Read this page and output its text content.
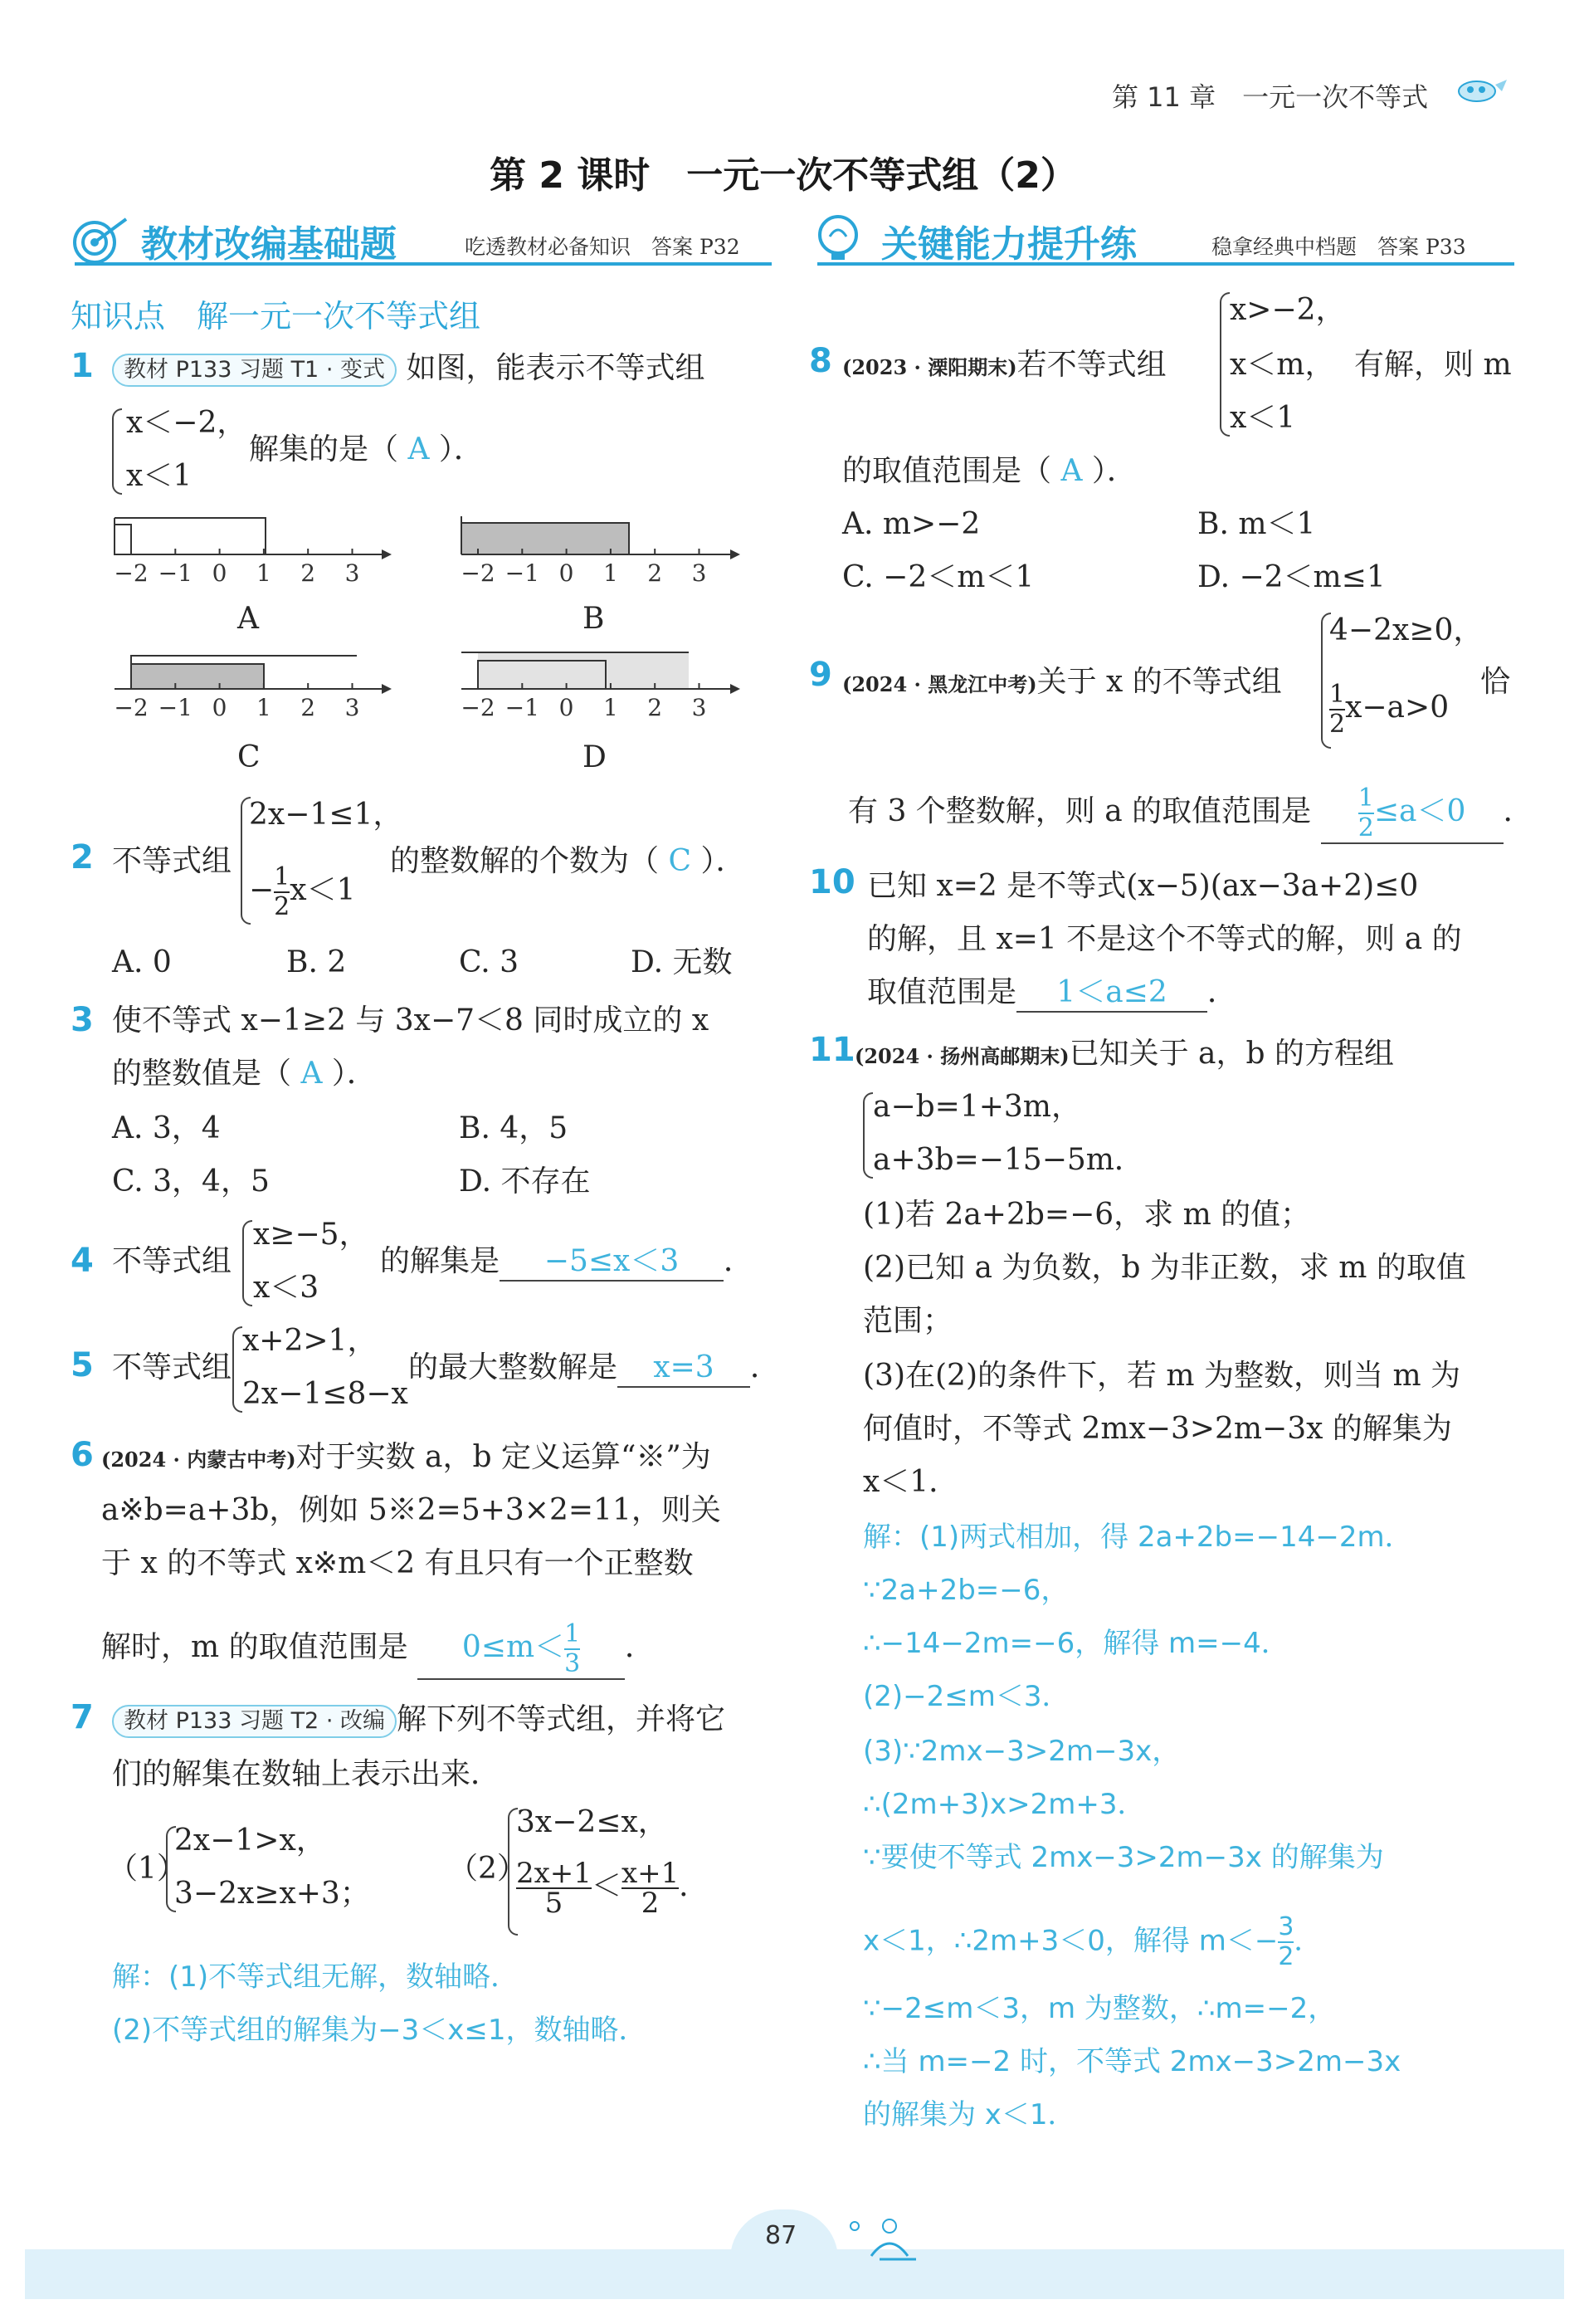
第 11 章　一元一次不等式
第 2 课时　一元一次不等式组（2）
教材改编基础题	吃透教材必备知识　 答案 P32	关键能力提升练	稳拿经典中档题　 答案 P33
知识点　解一元一次不等式组
1	教材 P133 习题 T1 · 变式 如图，能表示不等式组
x＜−2，
x＜1
解集的是（ A ）．
−2 −1 0 1 2 3	−2 −1 0 1 2 3
−2 −1 0 1 2 3	−2 −1 0 1 2 3
A	B
C	D
2 不等式组
2x−1≤1，
− $\frac{1}{2} x<1$
的整数解的个数为（ C ）．
A. 0	B. 2	C. 3	D. 无数
3 使不等式 x−1≥2 与 3x−7＜8 同时成立的 x
的整数值是（ A ）．
A. 3，4	B. 4，5
C. 3，4，5	D. 不存在
4 不等式组
x≥−5，
x＜3
的解集是 −5≤x＜3 ．
5 不等式组
x+2>1，
2x−1≤8−x
的最大整数解是 x=3 ．
6 (2024 · 内蒙古中考)对于实数 a，b 定义运算“※”为
a※b=a+3b，例如 5※2=5+3×2=11，则关
于 x 的不等式 x※m＜2 有且只有一个正整数
解时，m 的取值范围是 $0\le m< \frac{1}{3}$ ．
7	教材 P133 习题 T2 · 改编 解下列不等式组，并将它
们的解集在数轴上表示出来．
（1）
2x−1>x，
3−2x≥x+3；
（2）
3x−2≤x，
$\frac{2x+1}{5} < \frac{x+1}{2}$ ．
解：(1)不等式组无解，数轴略．
(2)不等式组的解集为−3＜x≤1，数轴略．
8 (2023 · 溧阳期末)若不等式组
x>−2，
x＜m，
x＜1
有解，则 m
的取值范围是（ A ）．
A. m>−2	B. m＜1
C. −2＜m＜1	D. −2＜m≤1
9 (2024 · 黑龙江中考)关于 x 的不等式组
4−2x≥0，
$\frac{1}{2} x-a>0$
恰
有 3 个整数解，则 a 的取值范围是 $\frac{1}{2} \le a<0$ ．
10 已知 x=2 是不等式(x−5)(ax−3a+2)≤0
的解，且 x=1 不是这个不等式的解，则 a 的
取值范围是 1＜a≤2 ．
11 (2024 · 扬州高邮期末)已知关于 a，b 的方程组
a−b=1+3m，
a+3b=−15−5m．
(1)若 2a+2b=−6，求 m 的值；
(2)已知 a 为负数，b 为非正数，求 m 的取值
范围；
(3)在(2)的条件下，若 m 为整数，则当 m 为
何值时，不等式 2mx−3>2m−3x 的解集为
x＜1．
解：(1)两式相加，得 2a+2b=−14−2m．
∵2a+2b=−6，
∴−14−2m=−6，解得 m=−4．
(2)−2≤m＜3．
(3)∵2mx−3>2m−3x，
∴(2m+3)x>2m+3．
∵要使不等式 2mx−3>2m−3x 的解集为
x＜1，∴2m+3＜0，解得 $m<- \frac{3}{2}$ ．
∵−2≤m＜3，m 为整数，∴m=−2，
∴当 m=−2 时，不等式 2mx−3>2m−3x
的解集为 x＜1．
87
